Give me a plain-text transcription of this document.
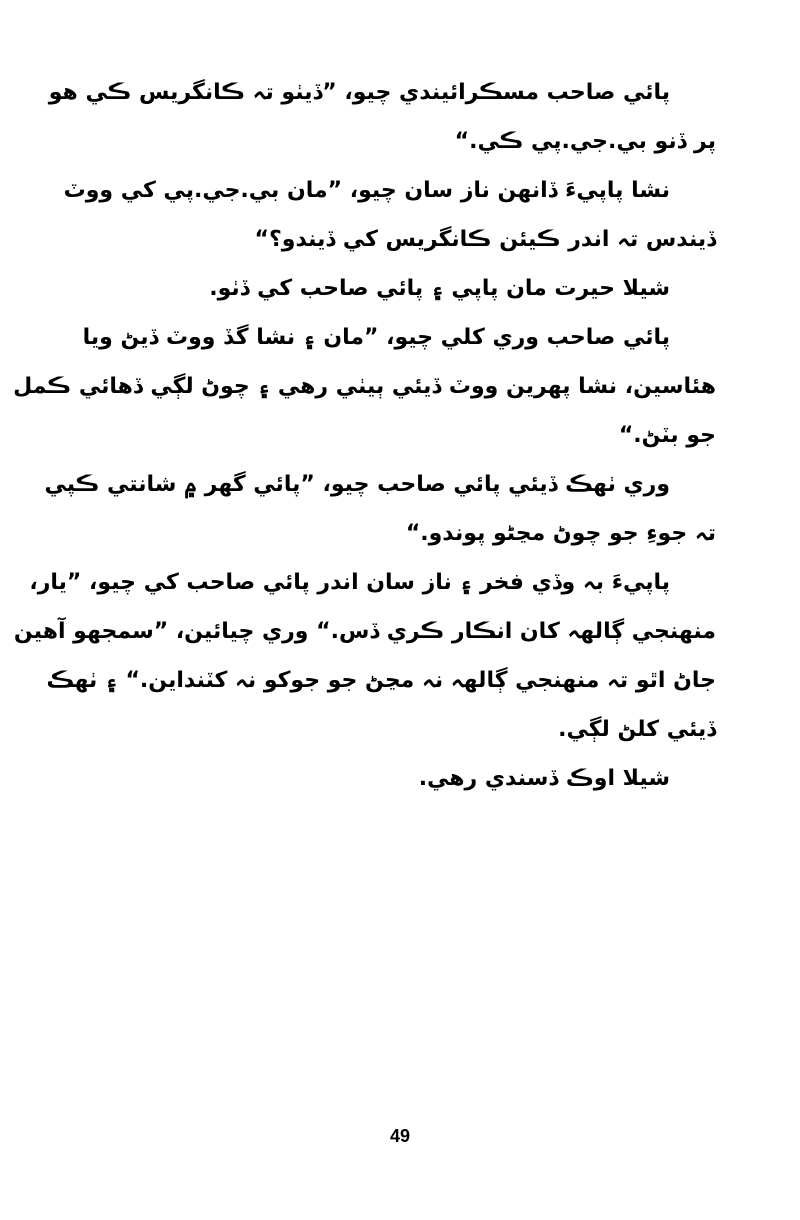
پائي صاحب مسڪرائيندي چيو، ”ڏيٺو تہ ڪانگريس ڪي ھو
پر ڏنو بي.جي.پي ڪي.“
نشا پاپيءَ ڏانھن ناز سان چيو، ”مان بي.جي.پي کي ووٽ
ڏيندس تہ اندر ڪيئن ڪانگريس کي ڏيندو؟“
شيلا حيرت مان پاپي ۽ پائي صاحب کي ڏٺو.
پائي صاحب وري کلي چيو، ”مان ۽ نشا گڏ ووٽ ڏيڻ ويا
هئاسين، نشا پهرين ووٽ ڏيئي ٻيٺي رھي ۽ چوڻ لڳي ڏهائي ڪمل
جو بٽڻ.“
وري ٺهڪ ڏيئي پائي صاحب چيو، ”پائي گھر ۾ شانتي ڪپي
تہ جوءِ جو چوڻ مڃڻو پوندو.“
پاپيءَ بہ وڏي فخر ۽ ناز سان اندر پائي صاحب کي چيو، ”يار،
منھنجي ڳالھہ کان انڪار ڪري ڏس.“ وري چيائين، ”سمجھو آھين
جاڻ اٿو تہ منھنجي ڳالھہ نہ مڃڻ جو جوکو نہ کٽنداين.“ ۽ ٺهڪ
ڏيئي کلڻ لڳي.
شيلا اوڪ ڏسندي رھي.
49
